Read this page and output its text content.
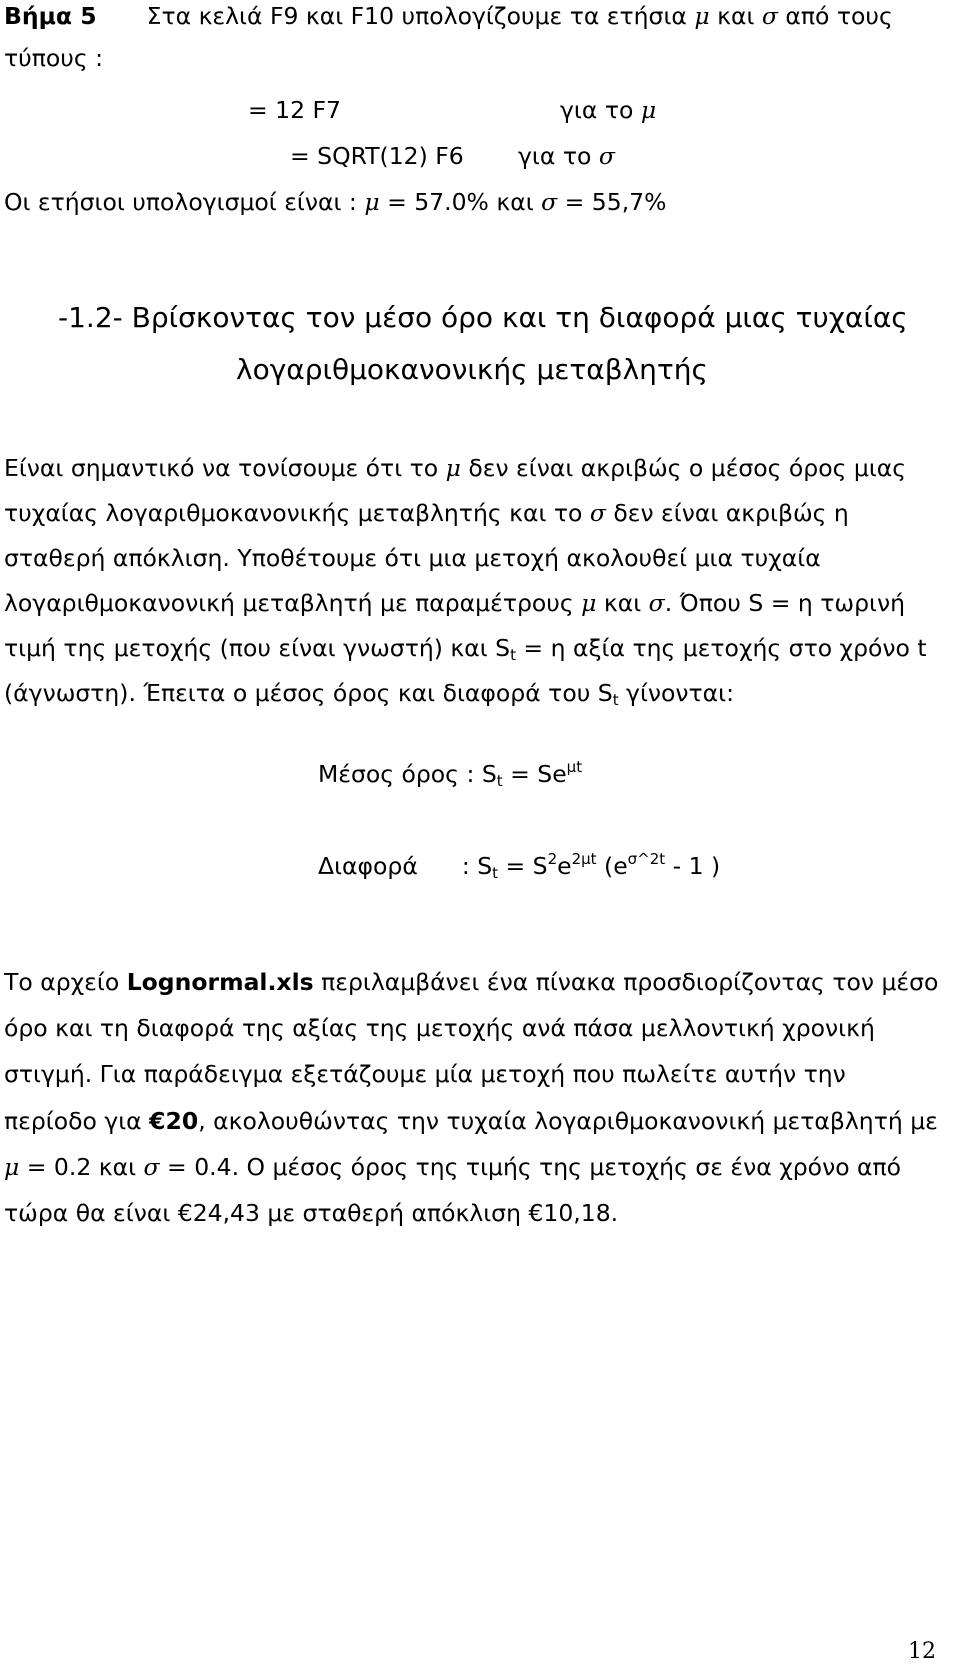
Βήμα 5 Στα κελιά F9 και F10 υπολογίζουμε τα ετήσια μ και σ από τους
τύπους :
= 12 F7	για το μ
= SQRT(12) F6 για το σ
Οι ετήσιοι υπολογισμοί είναι : μ = 57.0% και σ = 55,7%
-1.2- Βρίσκοντας τον μέσο όρο και τη διαφορά μιας τυχαίας
λογαριθμοκανονικής μεταβλητής
Είναι σημαντικό να τονίσουμε ότι το μ δεν είναι ακριβώς ο μέσος όρος μιας
τυχαίας λογαριθμοκανονικής μεταβλητής και το σ δεν είναι ακριβώς η
σταθερή απόκλιση. Υποθέτουμε ότι μια μετοχή ακολουθεί μια τυχαία
λογαριθμοκανονική μεταβλητή με παραμέτρους μ και σ. Όπου S = η τωρινή
τιμή της μετοχής (που είναι γνωστή) και $S_t = \eta$ αξία της μετοχής στο χρόνο t
(άγνωστη). Έπειτα ο μέσος όρος και διαφορά του $S_t$ γίνονται:
Μέσος όρος : $S_t = Se^{\mu t}$
Διαφορά : $S_t = S^2e^{2\mu t}$ ($e^{\sigma\^{}2t} - 1$ )
Το αρχείο Lognormal.xls περιλαμβάνει ένα πίνακα προσδιορίζοντας τον μέσο
όρο και τη διαφορά της αξίας της μετοχής ανά πάσα μελλοντική χρονική
στιγμή. Για παράδειγμα εξετάζουμε μία μετοχή που πωλείτε αυτήν την
περίοδο για €20, ακολουθώντας την τυχαία λογαριθμοκανονική μεταβλητή με
μ = 0.2 και σ = 0.4. Ο μέσος όρος της τιμής της μετοχής σε ένα χρόνο από
τώρα θα είναι €24,43 με σταθερή απόκλιση €10,18.
12
